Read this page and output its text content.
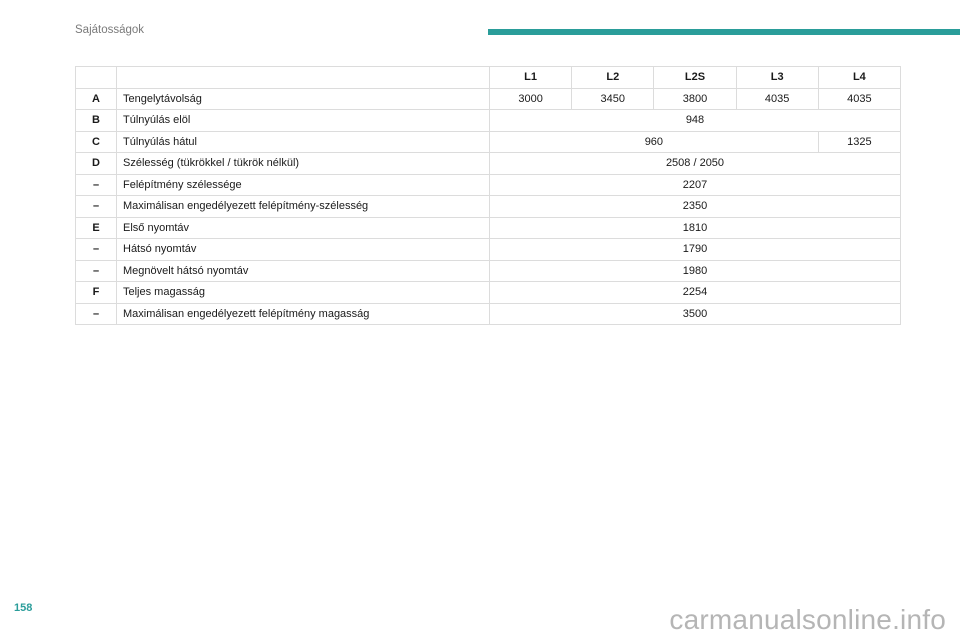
Sajátosságok
		L1	L2	L2S	L3	L4
A	Tengelytávolság	3000	3450	3800	4035	4035
B	Túlnyúlás elöl	948				
C	Túlnyúlás hátul	960				1325
D	Szélesség (tükrökkel / tükrök nélkül)	2508 / 2050				
–	Felépítmény szélessége	2207				
–	Maximálisan engedélyezett felépítmény-szélesség	2350				
E	Első nyomtáv	1810				
–	Hátsó nyomtáv	1790				
–	Megnövelt hátsó nyomtáv	1980				
F	Teljes magasság	2254				
–	Maximálisan engedélyezett felépítmény magasság	3500				
158	carmanualsonline.info
